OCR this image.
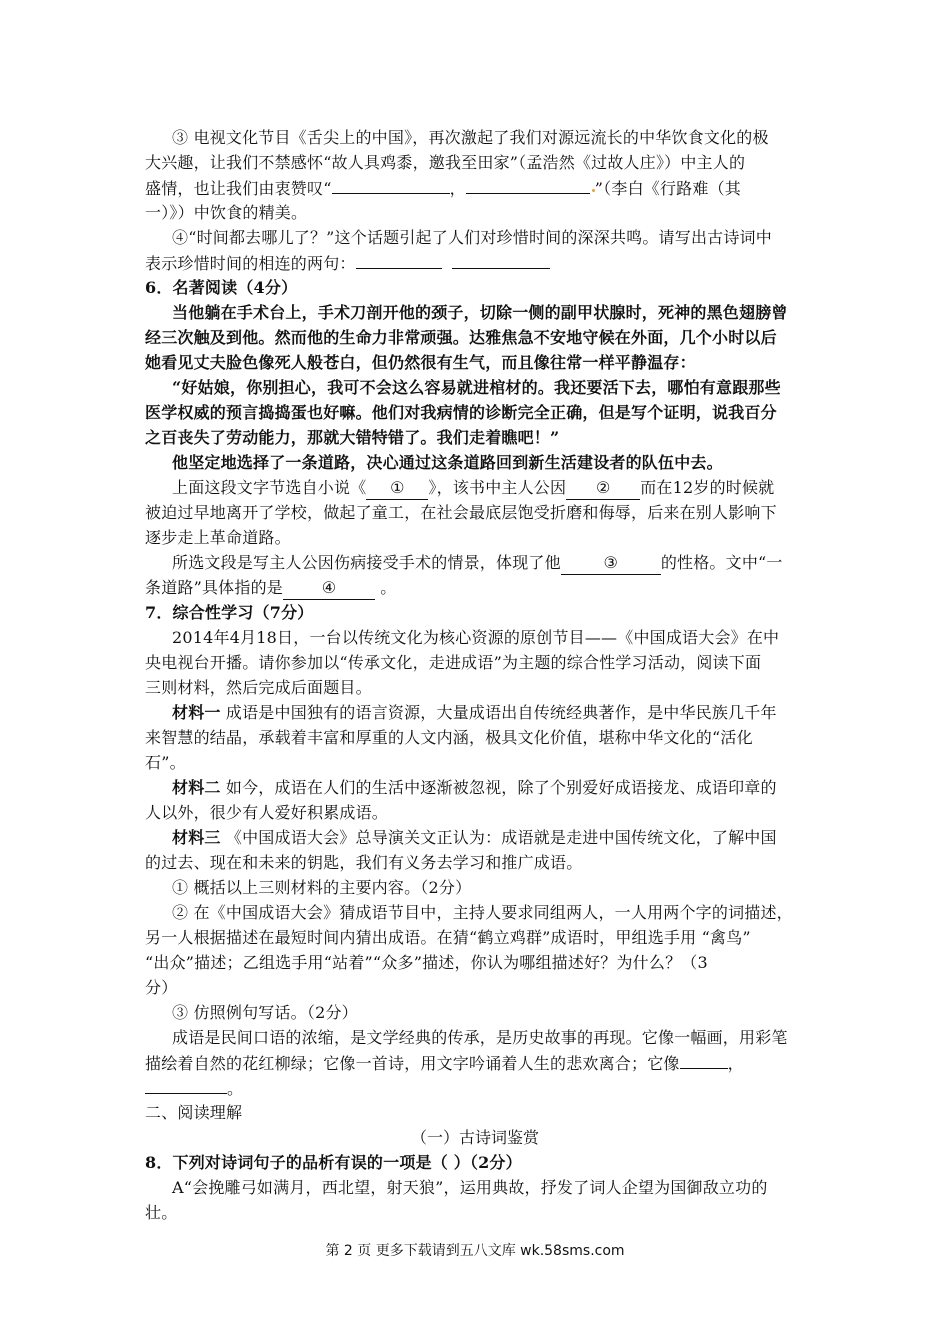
③ 电视文化节目《舌尖上的中国》，再次激起了我们对源远流长的中华饮食文化的极
大兴趣，让我们不禁感怀“故人具鸡黍，邀我至田家”（孟浩然《过故人庄》）中主人的
盛情，也让我们由衷赞叹“	，	”（李白《行路难（其
一）》）中饮食的精美。
④“时间都去哪儿了？”这个话题引起了人们对珍惜时间的深深共鸣。请写出古诗词中
表示珍惜时间的相连的两句：
6．名著阅读（4分）
当他躺在手术台上，手术刀剖开他的颈子，切除一侧的副甲状腺时，死神的黑色翅膀曾
经三次触及到他。然而他的生命力非常顽强。达雅焦急不安地守候在外面，几个小时以后
她看见丈夫脸色像死人般苍白，但仍然很有生气，而且像往常一样平静温存：
“好姑娘，你别担心，我可不会这么容易就进棺材的。我还要活下去，哪怕有意跟那些
医学权威的预言捣捣蛋也好嘛。他们对我病情的诊断完全正确，但是写个证明，说我百分
之百丧失了劳动能力，那就大错特错了。我们走着瞧吧！”
他坚定地选择了一条道路，决心通过这条道路回到新生活建设者的队伍中去。
上面这段文字节选自小说《 ① 》，该书中主人公因 ② 而在12岁的时候就
被迫过早地离开了学校，做起了童工，在社会最底层饱受折磨和侮辱，后来在别人影响下
逐步走上革命道路。
所选文段是写主人公因伤病接受手术的情景，体现了他	③	的性格。文中“一
条道路”具体指的是 ④	。
7．综合性学习（7分）
2014年4月18日，一台以传统文化为核心资源的原创节目——《中国成语大会》在中
央电视台开播。请你参加以“传承文化，走进成语”为主题的综合性学习活动，阅读下面
三则材料，然后完成后面题目。
材料一 成语是中国独有的语言资源，大量成语出自传统经典著作，是中华民族几千年
来智慧的结晶，承载着丰富和厚重的人文内涵，极具文化价值，堪称中华文化的“活化
石”。
材料二 如今，成语在人们的生活中逐渐被忽视，除了个别爱好成语接龙、成语印章的
人以外，很少有人爱好积累成语。
材料三 《中国成语大会》总导演关文正认为：成语就是走进中国传统文化，了解中国
的过去、现在和未来的钥匙，我们有义务去学习和推广成语。
① 概括以上三则材料的主要内容。（2分）
② 在《中国成语大会》猜成语节目中，主持人要求同组两人，一人用两个字的词描述，
另一人根据描述在最短时间内猜出成语。在猜“鹤立鸡群”成语时，甲组选手用 “禽鸟”
“出众”描述；乙组选手用“站着”“众多”描述，你认为哪组描述好？为什么？（3
分）
③ 仿照例句写话。（2分）
成语是民间口语的浓缩，是文学经典的传承，是历史故事的再现。它像一幅画，用彩笔
描绘着自然的花红柳绿；它像一首诗，用文字吟诵着人生的悲欢离合；它像	，
。
二、阅读理解
（一）古诗词鉴赏
8．下列对诗词句子的品析有误的一项是（ ）（2分）
A“会挽雕弓如满月，西北望，射天狼”，运用典故，抒发了词人企望为国御敌立功的
壮。
第 2 页 更多下载请到五八文库 wk.58sms.com
